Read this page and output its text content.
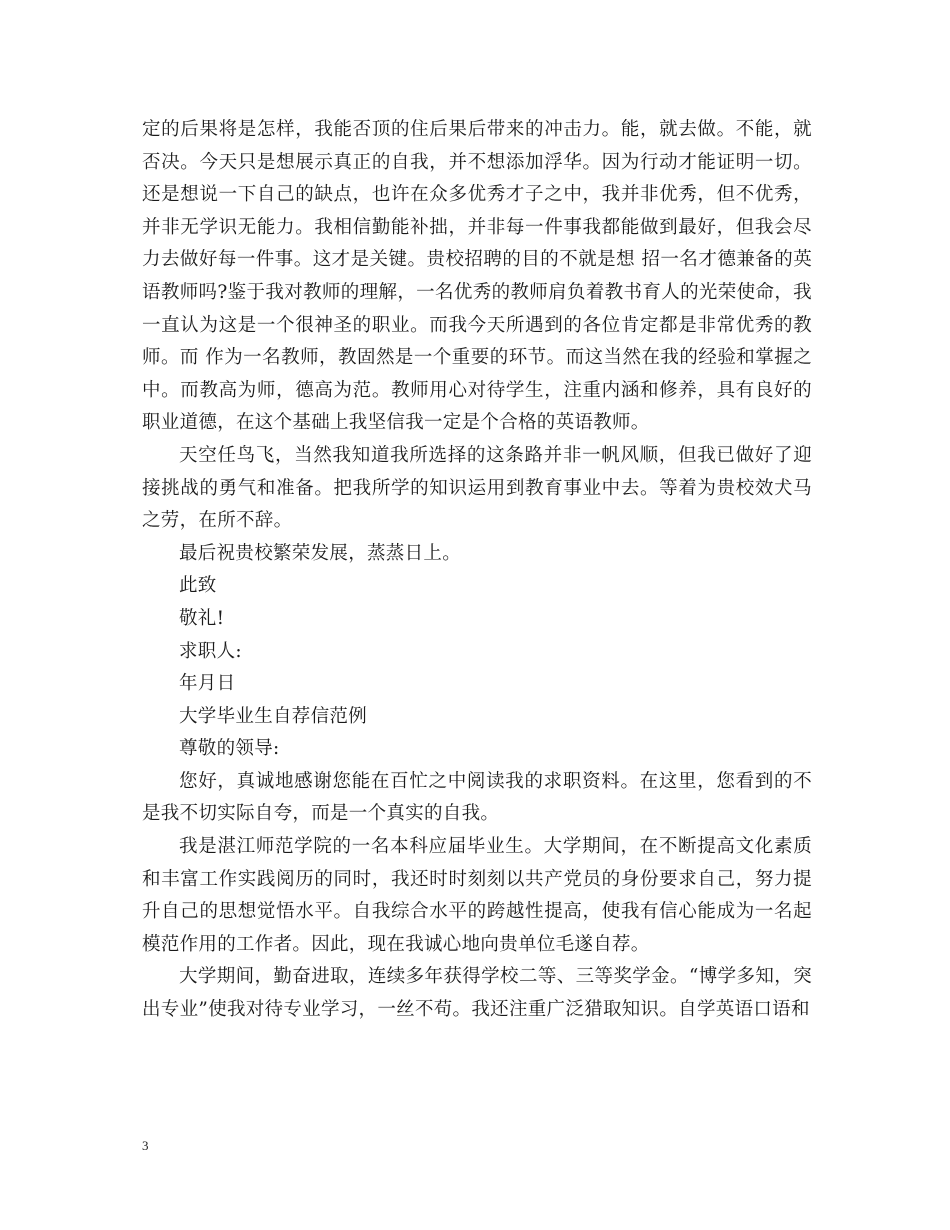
定的后果将是怎样，我能否顶的住后果后带来的冲击力。能，就去做。不能，就否决。今天只是想展示真正的自我，并不想添加浮华。因为行动才能证明一切。还是想说一下自己的缺点，也许在众多优秀才子之中，我并非优秀，但不优秀，并非无学识无能力。我相信勤能补拙，并非每一件事我都能做到最好，但我会尽力去做好每一件事。这才是关键。贵校招聘的目的不就是想 招一名才德兼备的英语教师吗?鉴于我对教师的理解，一名优秀的教师肩负着教书育人的光荣使命，我一直认为这是一个很神圣的职业。而我今天所遇到的各位肯定都是非常优秀的教师。而 作为一名教师，教固然是一个重要的环节。而这当然在我的经验和掌握之中。而教高为师，德高为范。教师用心对待学生，注重内涵和修养，具有良好的职业道德，在这个基础上我坚信我一定是个合格的英语教师。

天空任鸟飞，当然我知道我所选择的这条路并非一帆风顺，但我已做好了迎接挑战的勇气和准备。把我所学的知识运用到教育事业中去。等着为贵校效犬马之劳，在所不辞。

最后祝贵校繁荣发展，蒸蒸日上。

此致

敬礼!

求职人:

年月日

大学毕业生自荐信范例

尊敬的领导:

您好，真诚地感谢您能在百忙之中阅读我的求职资料。在这里，您看到的不是我不切实际自夸，而是一个真实的自我。

我是湛江师范学院的一名本科应届毕业生。大学期间，在不断提高文化素质和丰富工作实践阅历的同时，我还时时刻刻以共产党员的身份要求自己，努力提升自己的思想觉悟水平。自我综合水平的跨越性提高，使我有信心能成为一名起模范作用的工作者。因此，现在我诚心地向贵单位毛遂自荐。

大学期间，勤奋进取，连续多年获得学校二等、三等奖学金。“博学多知，突出专业”使我对待专业学习，一丝不苟。我还注重广泛猎取知识。自学英语口语和

3
